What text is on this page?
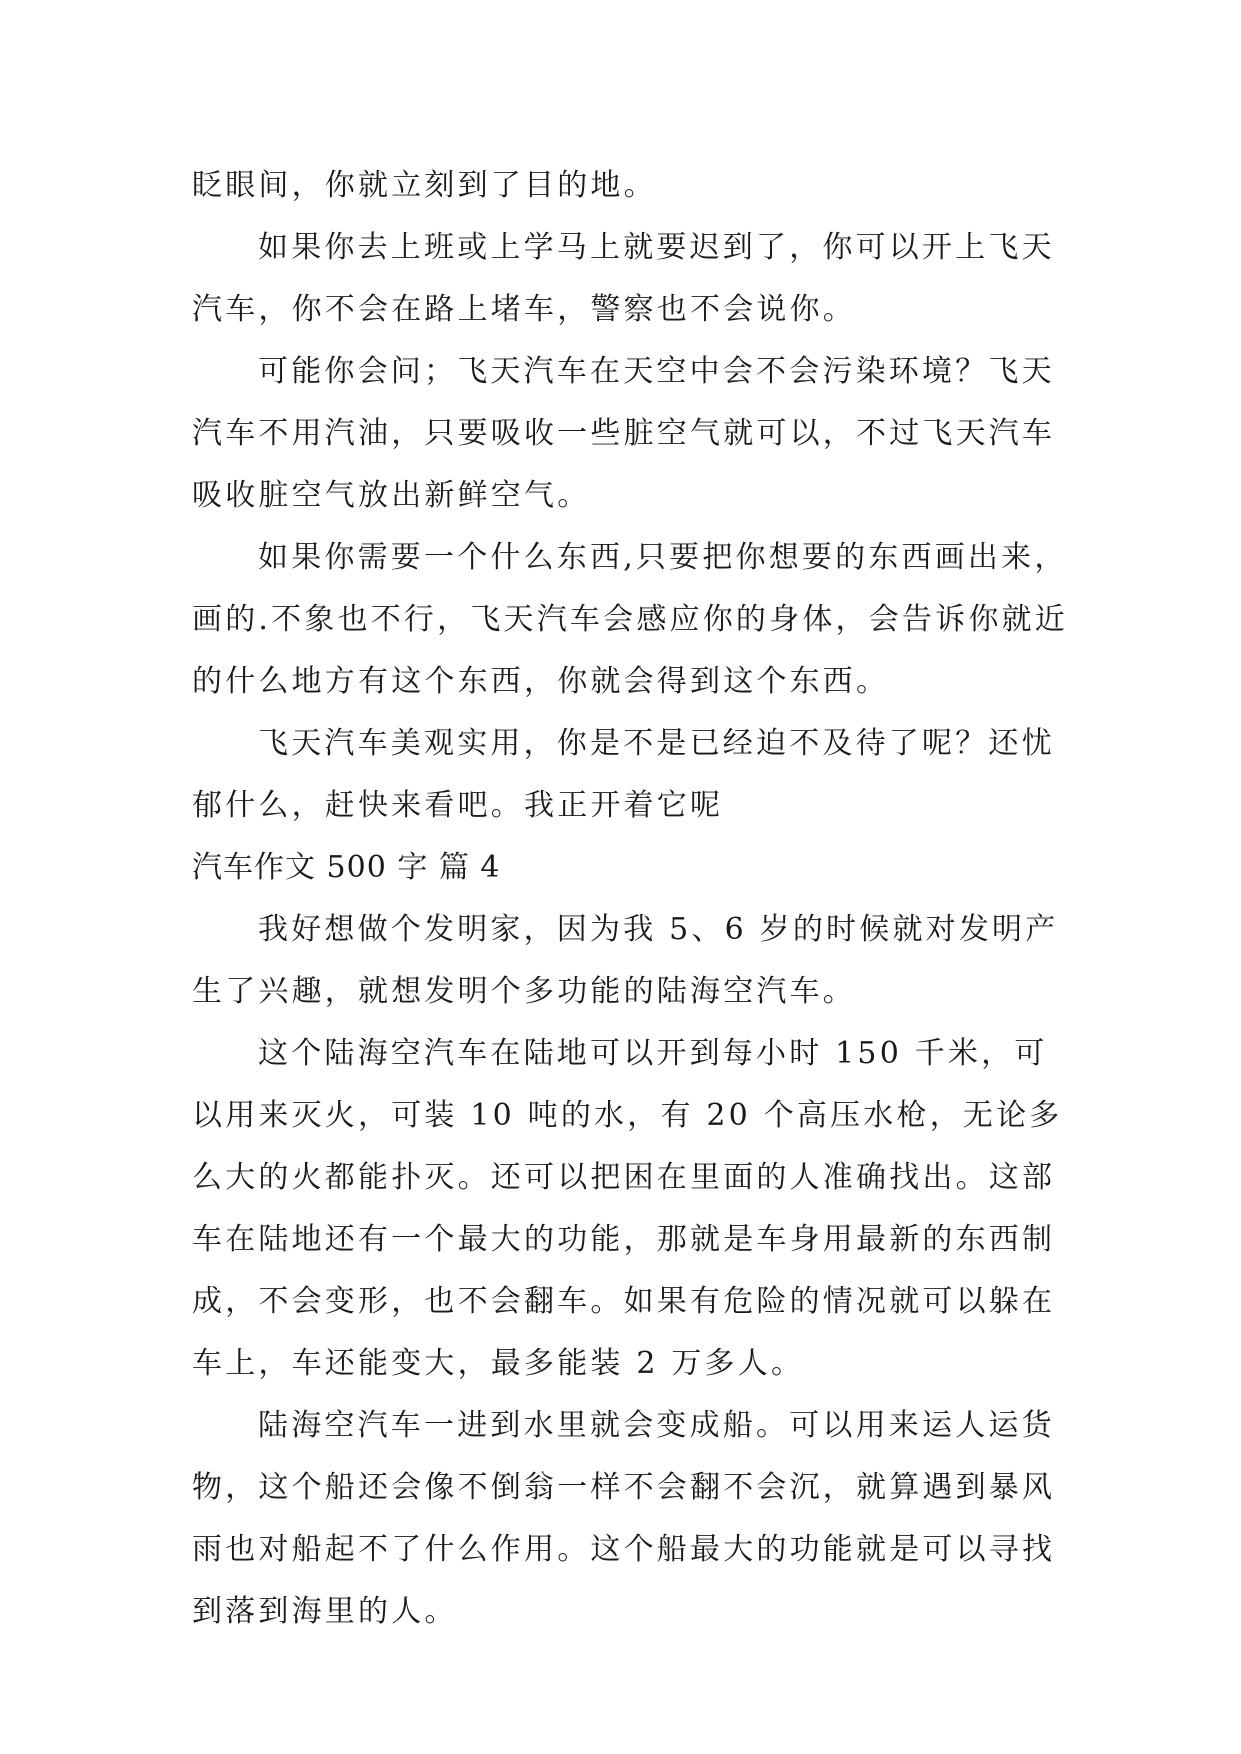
眨眼间，你就立刻到了目的地。

如果你去上班或上学马上就要迟到了，你可以开上飞天汽车，你不会在路上堵车，警察也不会说你。

可能你会问；飞天汽车在天空中会不会污染环境？飞天汽车不用汽油，只要吸收一些脏空气就可以，不过飞天汽车吸收脏空气放出新鲜空气。

如果你需要一个什么东西,只要把你想要的东西画出来，画的.不象也不行，飞天汽车会感应你的身体，会告诉你就近的什么地方有这个东西，你就会得到这个东西。

飞天汽车美观实用，你是不是已经迫不及待了呢？还忧郁什么，赶快来看吧。我正开着它呢

汽车作文 500 字 篇 4

我好想做个发明家，因为我 5、6 岁的时候就对发明产生了兴趣，就想发明个多功能的陆海空汽车。

这个陆海空汽车在陆地可以开到每小时 150 千米，可以用来灭火，可装 10 吨的水，有 20 个高压水枪，无论多么大的火都能扑灭。还可以把困在里面的人准确找出。这部车在陆地还有一个最大的功能，那就是车身用最新的东西制成，不会变形，也不会翻车。如果有危险的情况就可以躲在车上，车还能变大，最多能装 2 万多人。

陆海空汽车一进到水里就会变成船。可以用来运人运货物，这个船还会像不倒翁一样不会翻不会沉，就算遇到暴风雨也对船起不了什么作用。这个船最大的功能就是可以寻找到落到海里的人。
